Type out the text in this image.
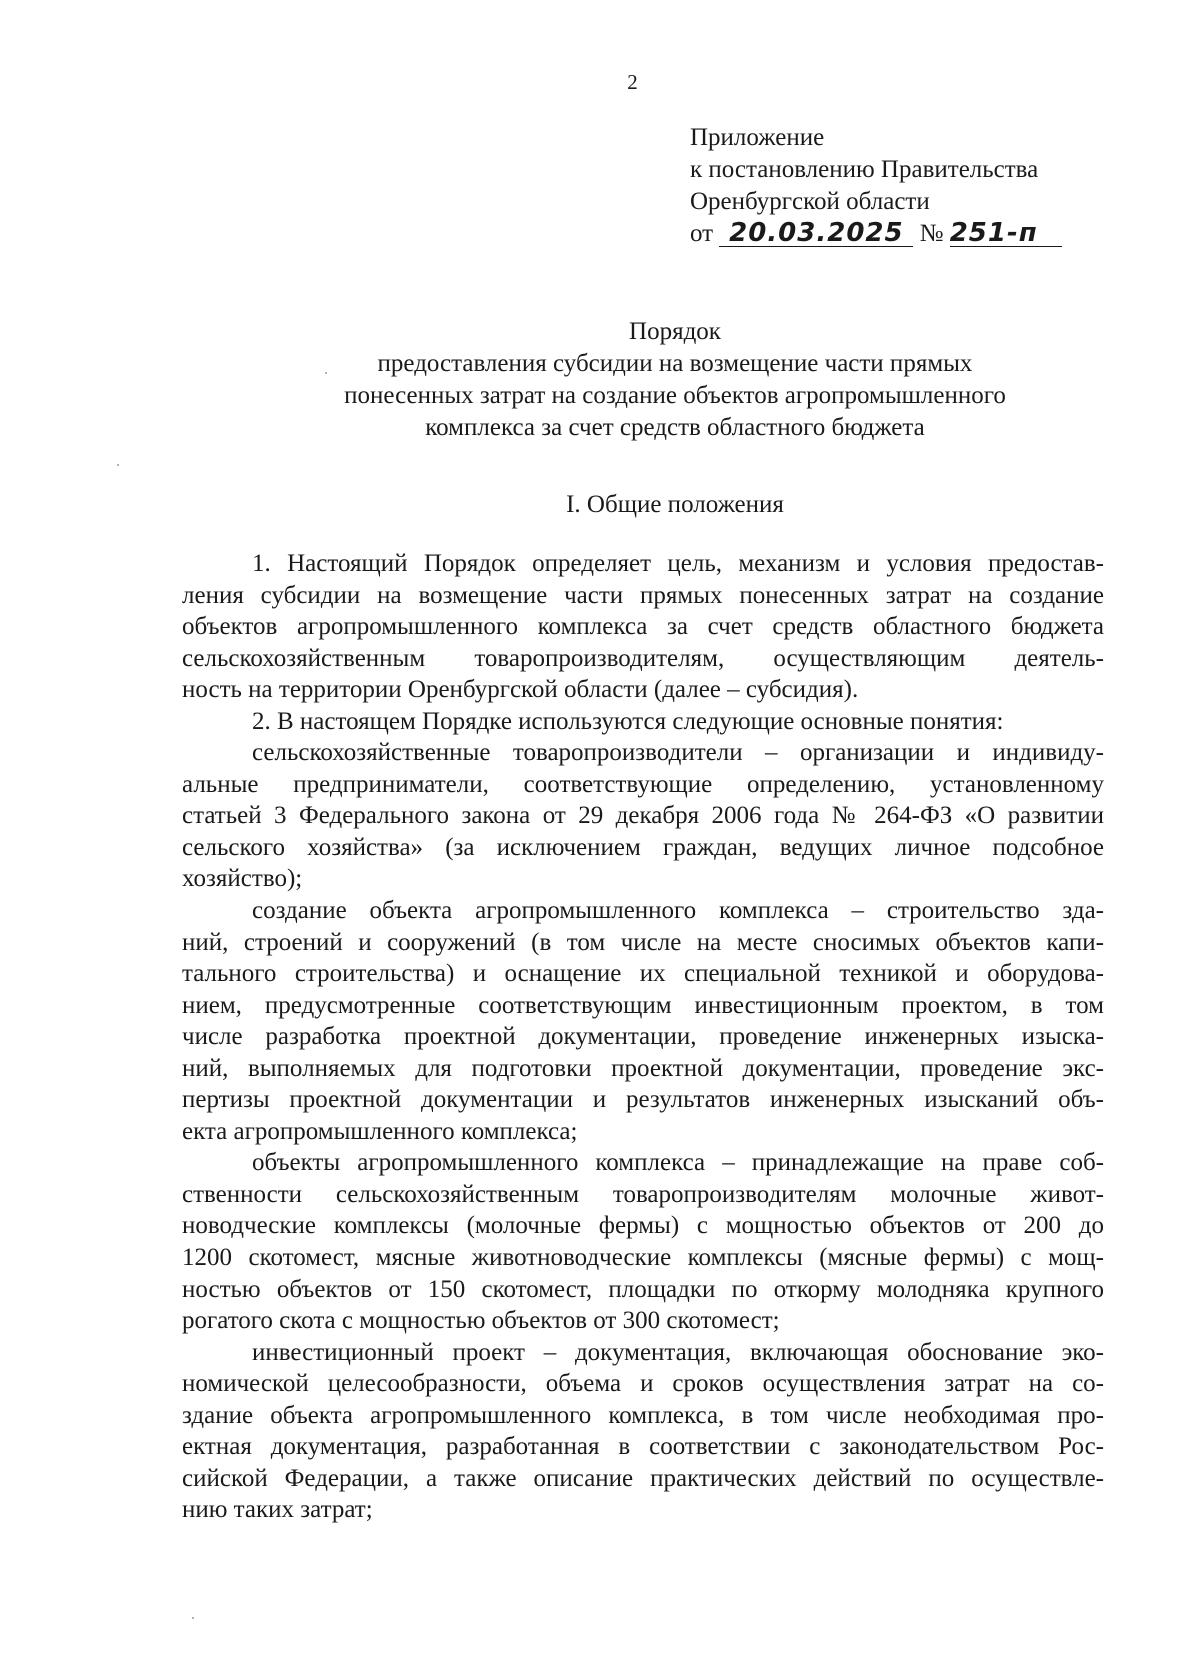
2
Приложение
к постановлению Правительства
Оренбургской области
от 20.03.2025 № 251-п
Порядок
предоставления субсидии на возмещение части прямых
понесенных затрат на создание объектов агропромышленного
комплекса за счет средств областного бюджета
I. Общие положения
1. Настоящий Порядок определяет цель, механизм и условия предостав-
ления субсидии на возмещение части прямых понесенных затрат на создание
объектов агропромышленного комплекса за счет средств областного бюджета
сельскохозяйственным товаропроизводителям, осуществляющим деятель-
ность на территории Оренбургской области (далее – субсидия).
2. В настоящем Порядке используются следующие основные понятия:
сельскохозяйственные товаропроизводители – организации и индивиду-
альные предприниматели, соответствующие определению, установленному
статьей 3 Федерального закона от 29 декабря 2006 года № 264-ФЗ «О развитии
сельского хозяйства» (за исключением граждан, ведущих личное подсобное
хозяйство);
создание объекта агропромышленного комплекса – строительство зда-
ний, строений и сооружений (в том числе на месте сносимых объектов капи-
тального строительства) и оснащение их специальной техникой и оборудова-
нием, предусмотренные соответствующим инвестиционным проектом, в том
числе разработка проектной документации, проведение инженерных изыска-
ний, выполняемых для подготовки проектной документации, проведение экс-
пертизы проектной документации и результатов инженерных изысканий объ-
екта агропромышленного комплекса;
объекты агропромышленного комплекса – принадлежащие на праве соб-
ственности сельскохозяйственным товаропроизводителям молочные живот-
новодческие комплексы (молочные фермы) с мощностью объектов от 200 до
1200 скотомест, мясные животноводческие комплексы (мясные фермы) с мощ-
ностью объектов от 150 скотомест, площадки по откорму молодняка крупного
рогатого скота с мощностью объектов от 300 скотомест;
инвестиционный проект – документация, включающая обоснование эко-
номической целесообразности, объема и сроков осуществления затрат на со-
здание объекта агропромышленного комплекса, в том числе необходимая про-
ектная документация, разработанная в соответствии с законодательством Рос-
сийской Федерации, а также описание практических действий по осуществле-
нию таких затрат;
